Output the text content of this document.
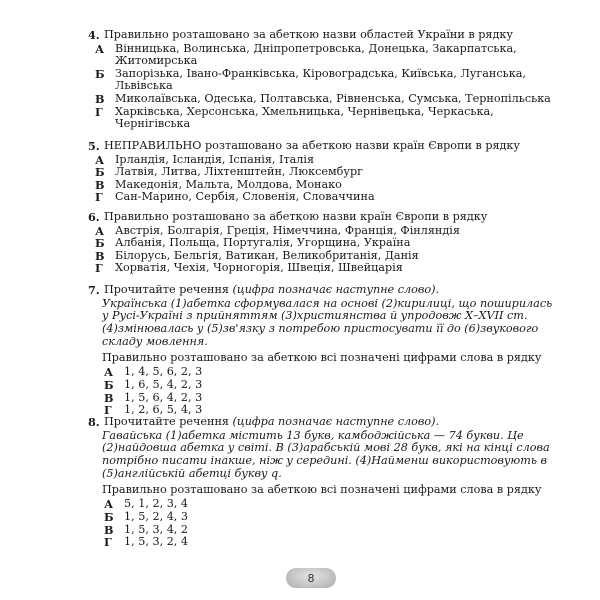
4. Правильно розташовано за абеткою назви областей України в рядку
А Вінницька, Волинська, Дніпропетровська, Донецька, Закарпатська, Житомирська
Б Запорізька, Івано-Франківська, Кіровоградська, Київська, Луганська, Львівська
В Миколаївська, Одеська, Полтавська, Рівненська, Сумська, Тернопільська
Г	Харківська, Херсонська, Хмельницька, Чернівецька, Черкаська, Чернігівська
5. НЕПРАВИЛЬНО розташовано за абеткою назви країн Європи в рядку
А Ірландія, Ісландія, Іспанія, Італія
Б Латвія, Литва, Ліхтенштейн, Люксембург
В Македонія, Мальта, Молдова, Монако
Г	Сан-Марино, Сербія, Словенія, Словаччина
6. Правильно розташовано за абеткою назви країн Європи в рядку
А Австрія, Болгарія, Греція, Німеччина, Франція, Фінляндія
Б Албанія, Польща, Португалія, Угорщина, Україна
В Білорусь, Бельгія, Ватикан, Великобританія, Данія
Г	Хорватія, Чехія, Чорногорія, Швеція, Швейцарія
7. Прочитайте речення (цифра позначає наступне слово).
Українська (1)абетка сформувалася на основі (2)кирилиці, що поширилась у Русі-Україні з прийняттям (3)християнства й упродовж Х–ХVІІ ст. (4)змінювалась у (5)зв'язку з потребою пристосувати її до (6)звукового складу мовлення.
Правильно розташовано за абеткою всі позначені цифрами слова в рядку
А 1, 4, 5, 6, 2, 3
Б 1, 6, 5, 4, 2, 3
В 1, 5, 6, 4, 2, 3
Г	1, 2, 6, 5, 4, 3
8. Прочитайте речення (цифра позначає наступне слово).
Гавайська (1)абетка містить 13 букв, камбоджійська — 74 букви. Це (2)найдовша абетка у світі. В (3)арабській мові 28 букв, які на кінці слова потрібно писати інакше, ніж у середині. (4)Найменш використовують в (5)англійській абетці букву q.
Правильно розташовано за абеткою всі позначені цифрами слова в рядку
А 5, 1, 2, 3, 4
Б 1, 5, 2, 4, 3
В 1, 5, 3, 4, 2
Г	1, 5, 3, 2, 4
8
